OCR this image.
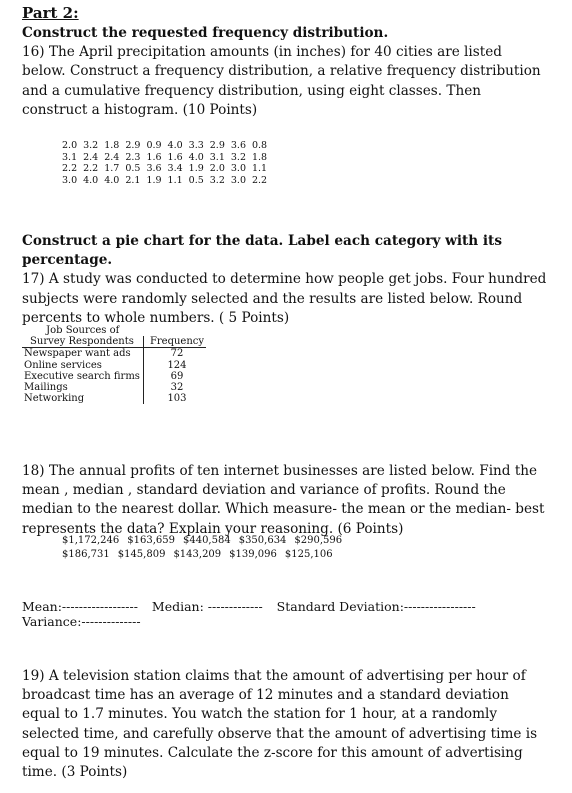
Part 2:
Construct the requested frequency distribution.
16) The April precipitation amounts (in inches) for 40 cities are listed below. Construct a frequency distribution, a relative frequency distribution and a cumulative frequency distribution, using eight classes. Then construct a histogram. (10 Points)
2.0	3.2	1.8	2.9	0.9	4.0	3.3	2.9	3.6	0.8
3.1	2.4	2.4	2.3	1.6	1.6	4.0	3.1	3.2	1.8
2.2	2.2	1.7	0.5	3.6	3.4	1.9	2.0	3.0	1.1
3.0	4.0	4.0	2.1	1.9	1.1	0.5	3.2	3.0	2.2
Construct a pie chart for the data. Label each category with its percentage.
17) A study was conducted to determine how people get jobs. Four hundred subjects were randomly selected and the results are listed below. Round percents to whole numbers. ( 5 Points)
Job Sources of	
Survey Respondents	Frequency
Newspaper want ads	72
Online services	124
Executive search firms	69
Mailings	32
Networking	103
18) The annual profits of ten internet businesses are listed below. Find the mean , median , standard deviation and variance of profits. Round the median to the nearest dollar. Which measure- the mean or the median- best represents the data? Explain your reasoning. (6 Points)
$1,172,246 $163,659 $440,584 $350,634 $290,596
$186,731 $145,809 $143,209 $139,096 $125,106
Mean:------------------ Median: ------------- Standard Deviation:-----------------
Variance:--------------
19) A television station claims that the amount of advertising per hour of broadcast time has an average of 12 minutes and a standard deviation equal to 1.7 minutes. You watch the station for 1 hour, at a randomly selected time, and carefully observe that the amount of advertising time is equal to 19 minutes. Calculate the z-score for this amount of advertising time. (3 Points)
